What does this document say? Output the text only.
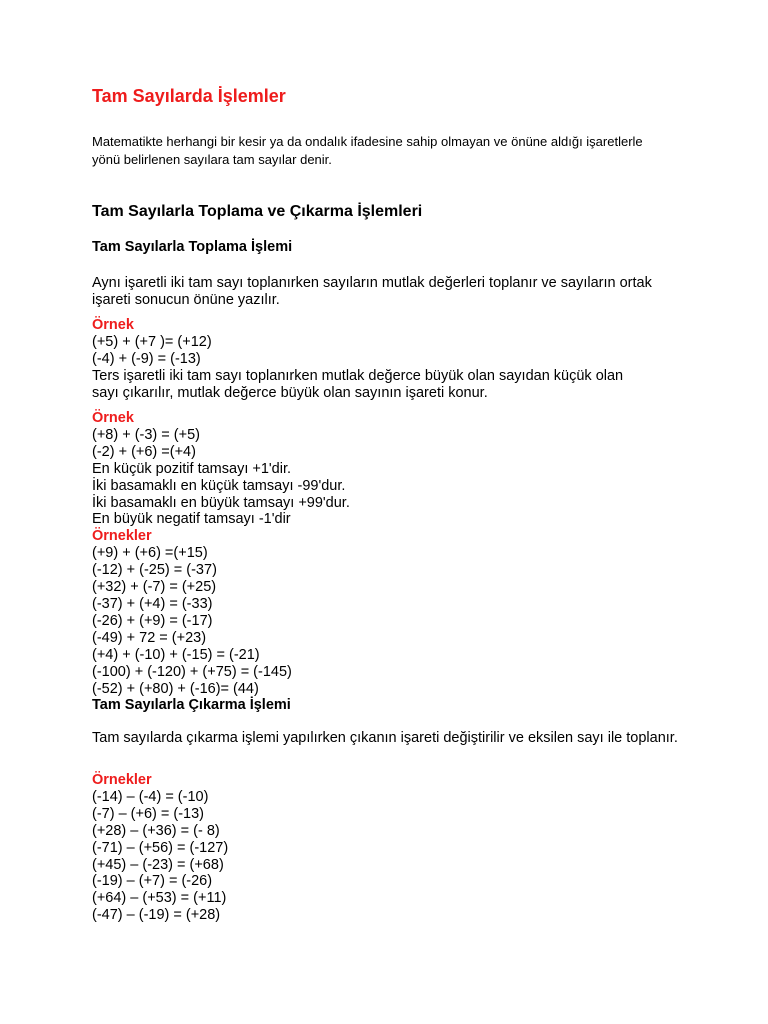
Tam Sayılarda İşlemler

Matematikte herhangi bir kesir ya da ondalık ifadesine sahip olmayan ve önüne aldığı işaretlerle yönü belirlenen sayılara tam sayılar denir.

Tam Sayılarla Toplama ve Çıkarma İşlemleri
Tam Sayılarla Toplama İşlemi

Aynı işaretli iki tam sayı toplanırken sayıların mutlak değerleri toplanır ve sayıların ortak işareti sonucun önüne yazılır.

Örnek
(+5) + (+7 )= (+12)
(-4) + (-9) = (-13)
Ters işaretli iki tam sayı toplanırken mutlak değerce büyük olan sayıdan küçük olan
sayı çıkarılır, mutlak değerce büyük olan sayının işareti konur.
Örnek
(+8) + (-3) = (+5)
(-2) + (+6) =(+4)
En küçük pozitif tamsayı +1'dir.
İki basamaklı en küçük tamsayı -99'dur.
İki basamaklı en büyük tamsayı +99'dur.
En büyük negatif tamsayı -1'dir
Örnekler
(+9) + (+6) =(+15)
(-12) + (-25) = (-37)
(+32) + (-7) = (+25)
(-37) + (+4) = (-33)
(-26) + (+9) = (-17)
(-49) + 72 = (+23)
(+4) + (-10) + (-15) = (-21)
(-100) + (-120) + (+75) = (-145)
(-52) + (+80) + (-16)= (44)
Tam Sayılarla Çıkarma İşlemi

Tam sayılarda çıkarma işlemi yapılırken çıkanın işareti değiştirilir ve eksilen sayı ile toplanır.

Örnekler
(-14) – (-4) = (-10)
(-7) – (+6) = (-13)
(+28) – (+36) = (- 8)
(-71) – (+56) = (-127)
(+45) – (-23) = (+68)
(-19) – (+7) = (-26)
(+64) – (+53) = (+11)
(-47) – (-19) = (+28)
